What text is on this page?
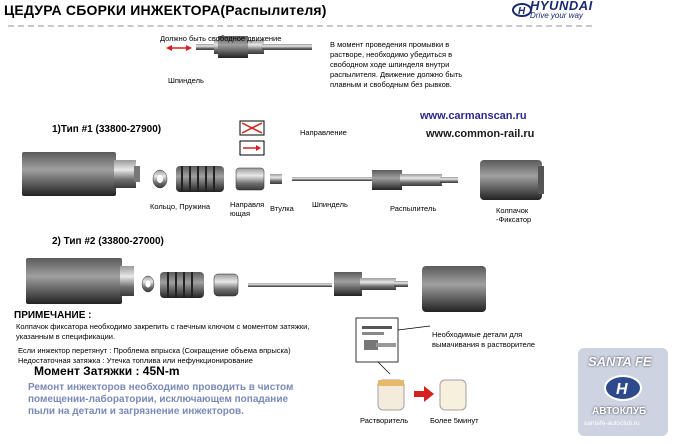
ЦЕДУРА СБОРКИ ИНЖЕКТОРА(Распылителя)	H HYUNDAI
Drive your way
Должно быть свободное движение
Шпиндель
В момент проведения промывки в растворе, необходимо убедиться в свободном ходе шпинделя внутри распылителя. Движение должно быть плавным и свободным без рывков.
www.carmanscan.ru
www.common-rail.ru
1)Тип #1 (33800-27900)	Направление
Кольцо, Пружина	Направля ющая
Втулка Шпиндель	Распылитель	Колпачок -Фиксатор
2) Тип #2 (33800-27000)
ПРИМЕЧАНИЕ :
Колпачок фиксатора необходимо закрепить с гаечным ключом с моментом затяжки, указанным в спецификации.
Если инжектор перетянут : Проблема впрыска (Сокращение объема впрыска)
Недостаточная затяжка : Утечка топлива или нефункционирование
Момент Затяжки : 45N-m
Ремонт инжекторов необходимо проводить в чистом помещении-лаборатории, исключающем попадание пыли на детали и загрязнение инжекторов.
Необходимые детали для вымачивания в растворителе
Растворитель	Более 5минут
SANTA FE
H
АВТОКЛУБ
santafe-autoclub.ru
